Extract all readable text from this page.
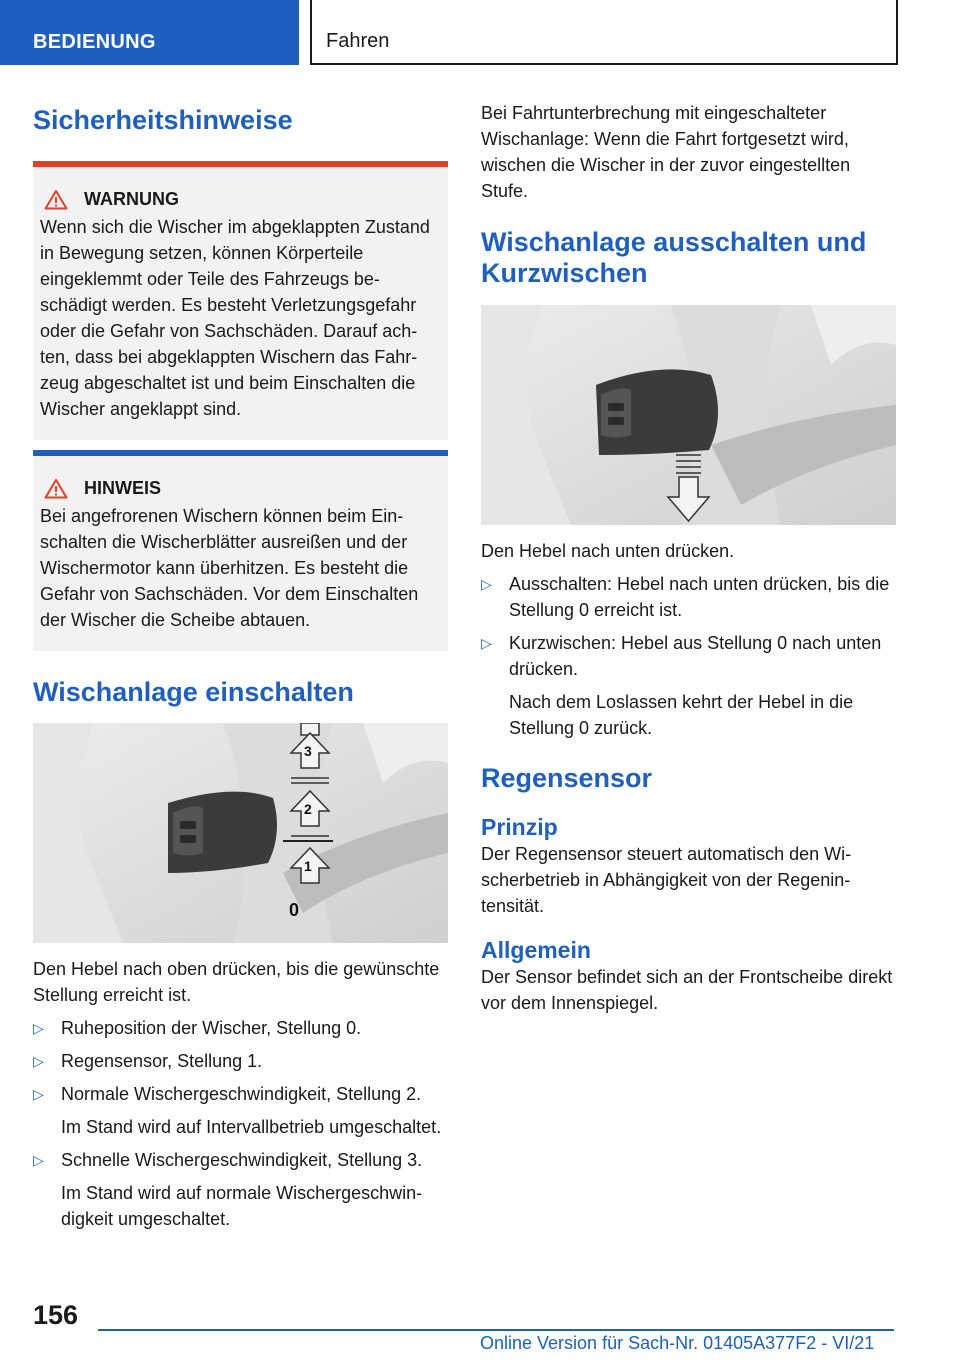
BEDIENUNG	Fahren
Sicherheitshinweise
WARNUNG

Wenn sich die Wischer im abgeklappten Zustand in Bewegung setzen, können Körperteile eingeklemmt oder Teile des Fahrzeugs beschädigt werden. Es besteht Verletzungsgefahr oder die Gefahr von Sachschäden. Darauf achten, dass bei abgeklappten Wischern das Fahrzeug abgeschaltet ist und beim Einschalten die Wischer angeklappt sind.

HINWEIS

Bei angefrorenen Wischern können beim Einschalten die Wischerblätter ausreißen und der Wischermotor kann überhitzen. Es besteht die Gefahr von Sachschäden. Vor dem Einschalten der Wischer die Scheibe abtauen.

Wischanlage einschalten
3
2
1
0

Den Hebel nach oben drücken, bis die gewünschte Stellung erreicht ist.

▷ Ruheposition der Wischer, Stellung 0.

▷ Regensensor, Stellung 1.

▷ Normale Wischergeschwindigkeit, Stellung 2.

Im Stand wird auf Intervallbetrieb umgeschaltet.

▷ Schnelle Wischergeschwindigkeit, Stellung 3.

Im Stand wird auf normale Wischergeschwindigkeit umgeschaltet.

Bei Fahrtunterbrechung mit eingeschalteter Wischanlage: Wenn die Fahrt fortgesetzt wird, wischen die Wischer in der zuvor eingestellten Stufe.

Wischanlage ausschalten und Kurzwischen

Den Hebel nach unten drücken.

▷ Ausschalten: Hebel nach unten drücken, bis die Stellung 0 erreicht ist.

▷ Kurzwischen: Hebel aus Stellung 0 nach unten drücken.

Nach dem Loslassen kehrt der Hebel in die Stellung 0 zurück.

Regensensor
Prinzip

Der Regensensor steuert automatisch den Wischerbetrieb in Abhängigkeit von der Regenintensität.

Allgemein

Der Sensor befindet sich an der Frontscheibe direkt vor dem Innenspiegel.

156
Online Version für Sach-Nr. 01405A377F2 - VI/21
